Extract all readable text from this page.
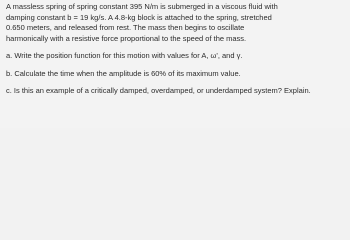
A massless spring of spring constant 395 N/m is submerged in a viscous fluid with
damping constant b = 19 kg/s. A 4.8-kg block is attached to the spring, stretched
0.650 meters, and released from rest. The mass then begins to oscillate
harmonically with a resistive force proportional to the speed of the mass.

a. Write the position function for this motion with values for A, ω', and γ.

b. Calculate the time when the amplitude is 60% of its maximum value.

c. Is this an example of a critically damped, overdamped, or underdamped system? Explain.
